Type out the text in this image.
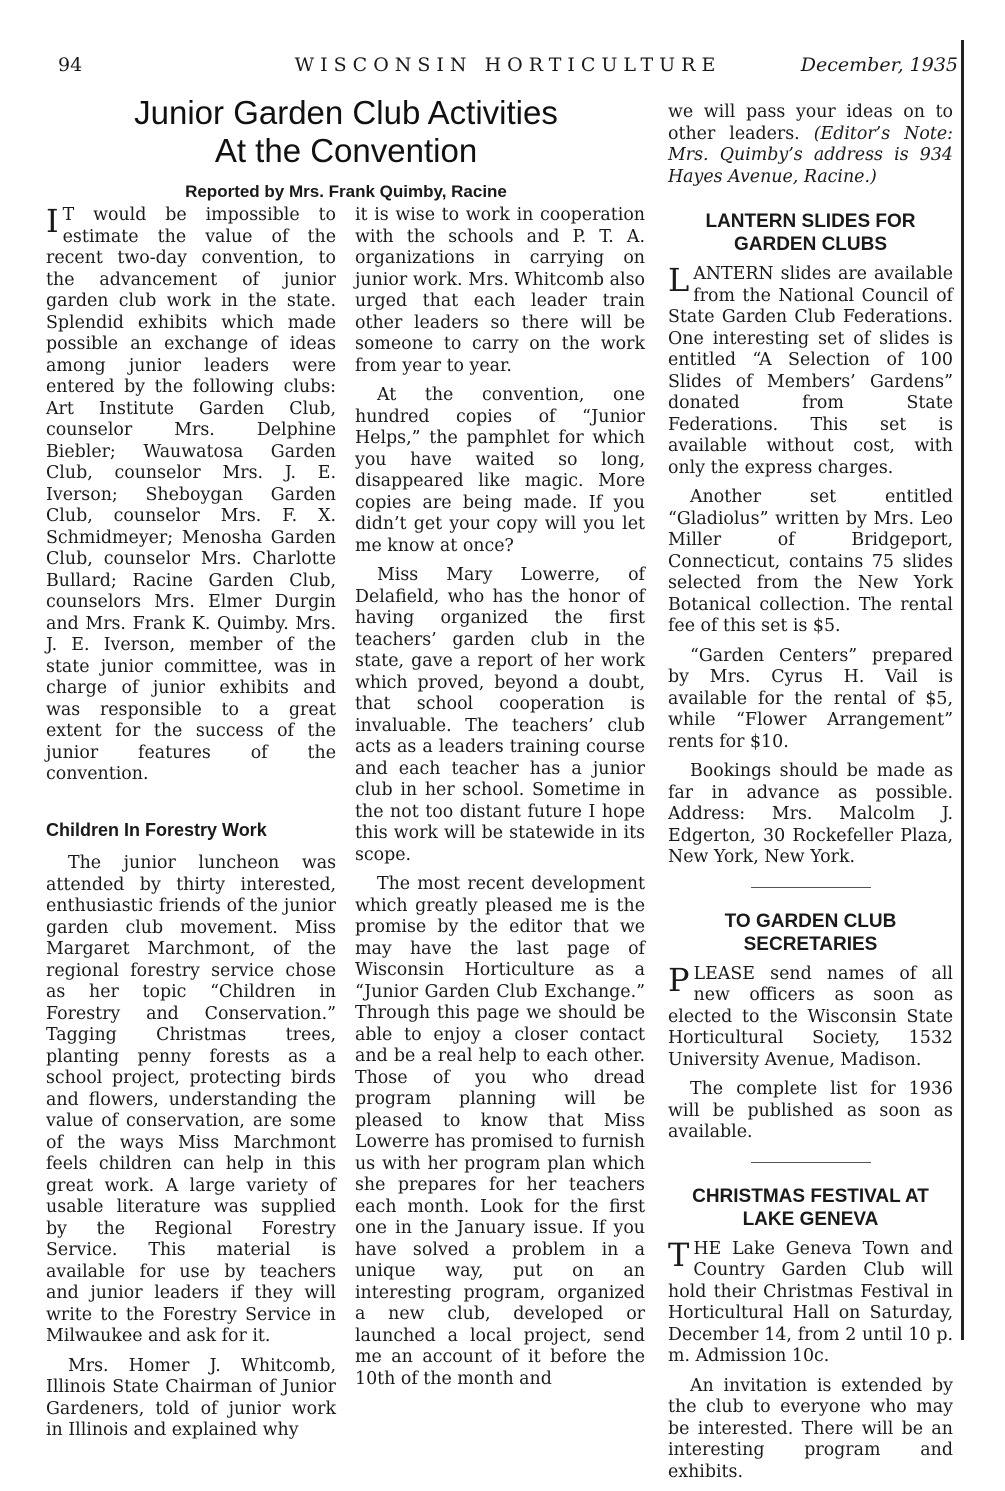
94	WISCONSIN HORTICULTURE	December, 1935
Junior Garden Club Activities
At the Convention
Reported by Mrs. Frank Quimby, Racine

I T would be impossible to estimate the value of the recent two-day convention, to the advancement of junior garden club work in the state. Splendid exhibits which made possible an exchange of ideas among junior leaders were entered by the following clubs: Art Institute Garden Club, counselor Mrs. Delphine Biebler; Wauwatosa Garden Club, counselor Mrs. J. E. Iverson; Sheboygan Garden Club, counselor Mrs. F. X. Schmidmeyer; Menosha Garden Club, counselor Mrs. Charlotte Bullard; Racine Garden Club, counselors Mrs. Elmer Durgin and Mrs. Frank K. Quimby. Mrs. J. E. Iverson, member of the state junior committee, was in charge of junior exhibits and was responsible to a great extent for the success of the junior features of the convention.

Children In Forestry Work

The junior luncheon was attended by thirty interested, enthusiastic friends of the junior garden club movement. Miss Margaret Marchmont, of the regional forestry service chose as her topic “Children in Forestry and Conservation.” Tagging Christmas trees, planting penny forests as a school project, protecting birds and flowers, understanding the value of conservation, are some of the ways Miss Marchmont feels children can help in this great work. A large variety of usable literature was supplied by the Regional Forestry Service. This material is available for use by teachers and junior leaders if they will write to the Forestry Service in Milwaukee and ask for it.

Mrs. Homer J. Whitcomb, Illinois State Chairman of Junior Gardeners, told of junior work in Illinois and explained why

it is wise to work in cooperation with the schools and P. T. A. organizations in carrying on junior work. Mrs. Whitcomb also urged that each leader train other leaders so there will be someone to carry on the work from year to year.

At the convention, one hundred copies of “Junior Helps,” the pamphlet for which you have waited so long, disappeared like magic. More copies are being made. If you didn’t get your copy will you let me know at once?

Miss Mary Lowerre, of Delafield, who has the honor of having organized the first teachers’ garden club in the state, gave a report of her work which proved, beyond a doubt, that school cooperation is invaluable. The teachers’ club acts as a leaders training course and each teacher has a junior club in her school. Sometime in the not too distant future I hope this work will be statewide in its scope.

The most recent development which greatly pleased me is the promise by the editor that we may have the last page of Wisconsin Horticulture as a “Junior Garden Club Exchange.” Through this page we should be able to enjoy a closer contact and be a real help to each other. Those of you who dread program planning will be pleased to know that Miss Lowerre has promised to furnish us with her program plan which she prepares for her teachers each month. Look for the first one in the January issue. If you have solved a problem in a unique way, put on an interesting program, organized a new club, developed or launched a local project, send me an account of it before the 10th of the month and

we will pass your ideas on to other leaders. (Editor’s Note: Mrs. Quimby’s address is 934 Hayes Avenue, Racine.)

LANTERN SLIDES FOR GARDEN CLUBS

LANTERN slides are available from the National Council of State Garden Club Federations. One interesting set of slides is entitled “A Selection of 100 Slides of Members’ Gardens” donated from State Federations. This set is available without cost, with only the express charges.

Another set entitled “Gladiolus” written by Mrs. Leo Miller of Bridgeport, Connecticut, contains 75 slides selected from the New York Botanical collection. The rental fee of this set is $5.

“Garden Centers” prepared by Mrs. Cyrus H. Vail is available for the rental of $5, while “Flower Arrangement” rents for $10.

Bookings should be made as far in advance as possible. Address: Mrs. Malcolm J. Edgerton, 30 Rockefeller Plaza, New York, New York.

TO GARDEN CLUB SECRETARIES

PLEASE send names of all new officers as soon as elected to the Wisconsin State Horticultural Society, 1532 University Avenue, Madison.

The complete list for 1936 will be published as soon as available.

CHRISTMAS FESTIVAL AT LAKE GENEVA

THE Lake Geneva Town and Country Garden Club will hold their Christmas Festival in Horticultural Hall on Saturday, December 14, from 2 until 10 p. m. Admission 10c.

An invitation is extended by the club to everyone who may be interested. There will be an interesting program and exhibits.
